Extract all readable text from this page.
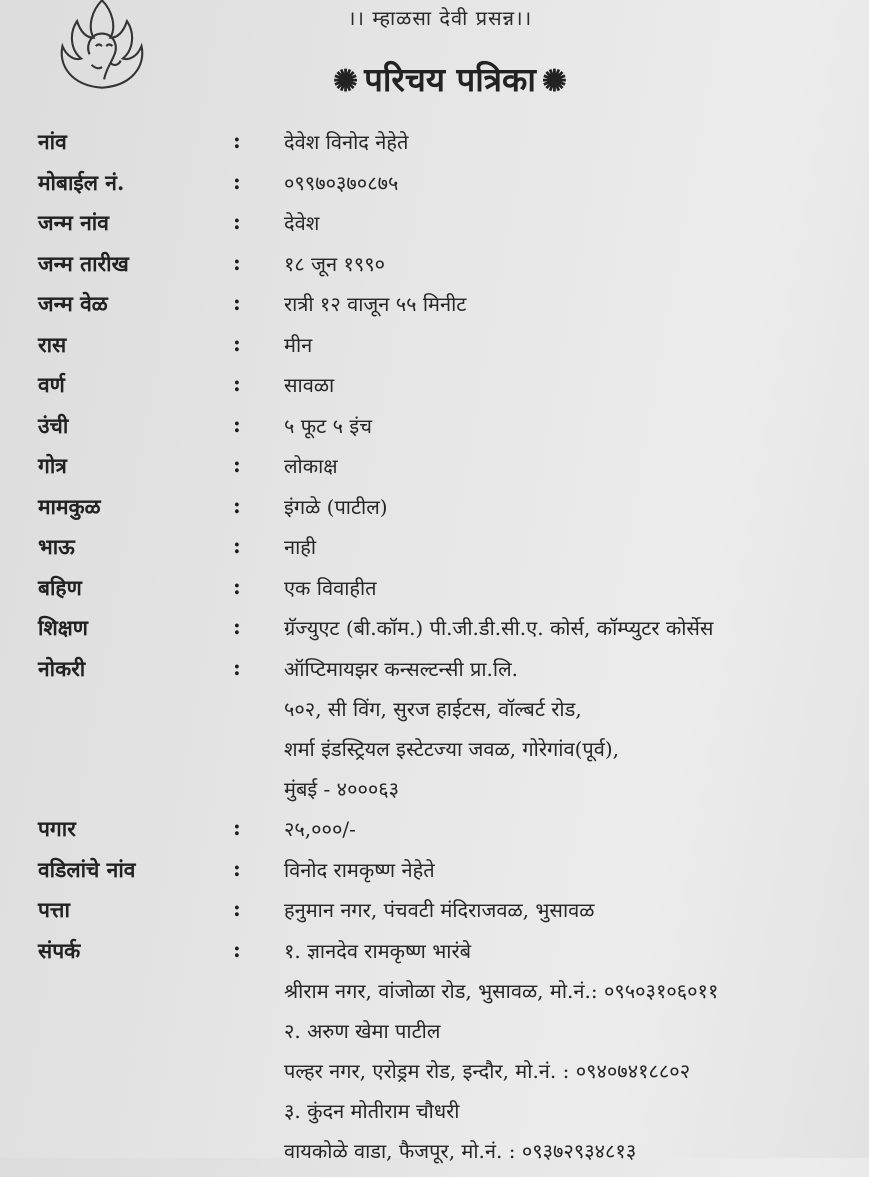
।। म्हाळसा देवी प्रसन्न।।
✺ परिचय पत्रिका ✺
नांव	: देवेश विनोद नेहेते
मोबाईल नं.	: ०९९७०३७०८७५
जन्म नांव	: देवेश
जन्म तारीख	: १८ जून १९९०
जन्म वेळ	: रात्री १२ वाजून ५५ मिनीट
रास	: मीन
वर्ण	: सावळा
उंची	: ५ फूट ५ इंच
गोत्र	: लोकाक्ष
मामकुळ	: इंगळे (पाटील)
भाऊ	: नाही
बहिण	: एक विवाहीत
शिक्षण	: ग्रॅज्युएट (बी.कॉम.) पी.जी.डी.सी.ए. कोर्स, कॉम्प्युटर कोर्सेस
नोकरी	: ऑप्टिमायझर कन्सल्टन्सी प्रा.लि.
५०२, सी विंग, सुरज हाईटस, वॉल्बर्ट रोड,
शर्मा इंडस्ट्रियल इस्टेटज्या जवळ, गोरेगांव(पूर्व),
मुंबई - ४०००६३
पगार	: २५,०००/-
वडिलांचे नांव	: विनोद रामकृष्ण नेहेते
पत्ता	: हनुमान नगर, पंचवटी मंदिराजवळ, भुसावळ
संपर्क	: १. ज्ञानदेव रामकृष्ण भारंबे
श्रीराम नगर, वांजोळा रोड, भुसावळ, मो.नं.: ०९५०३१०६०११
२. अरुण खेमा पाटील
पल्हर नगर, एरोड्रम रोड, इन्दौर, मो.नं. : ०९४०७४१८८०२
३. कुंदन मोतीराम चौधरी
वायकोळे वाडा, फैजपूर, मो.नं. : ०९३७२९३४८१३
